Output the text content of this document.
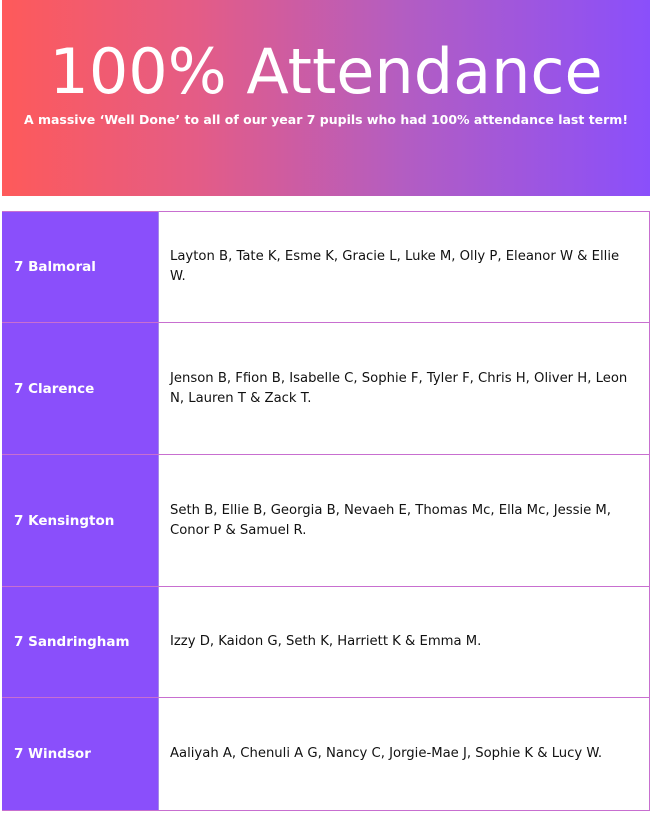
100% Attendance
A massive ‘Well Done’ to all of our year 7 pupils who had 100% attendance last term!
7 Balmoral	Layton B, Tate K, Esme K, Gracie L, Luke M, Olly P, Eleanor W & Ellie W.
7 Clarence	Jenson B, Ffion B, Isabelle C, Sophie F, Tyler F, Chris H, Oliver H, Leon N, Lauren T & Zack T.
7 Kensington	Seth B, Ellie B, Georgia B, Nevaeh E, Thomas Mc, Ella Mc, Jessie M, Conor P & Samuel R.
7 Sandringham	Izzy D, Kaidon G, Seth K, Harriett K & Emma M.
7 Windsor	Aaliyah A, Chenuli A G, Nancy C, Jorgie-Mae J, Sophie K & Lucy W.
